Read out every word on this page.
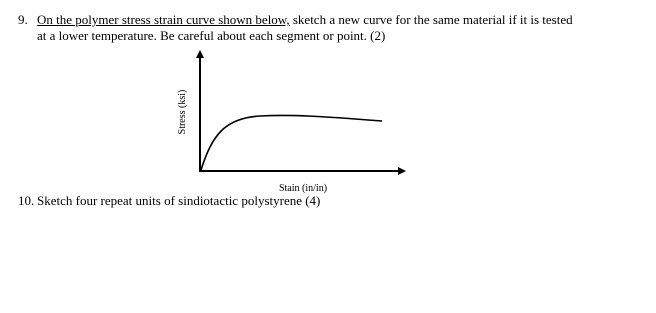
9. On the polymer stress strain curve shown below, sketch a new curve for the same material if it is tested
at a lower temperature. Be careful about each segment or point. (2)
Stress (ksi)
Stain (in/in)
10. Sketch four repeat units of sindiotactic polystyrene (4)
